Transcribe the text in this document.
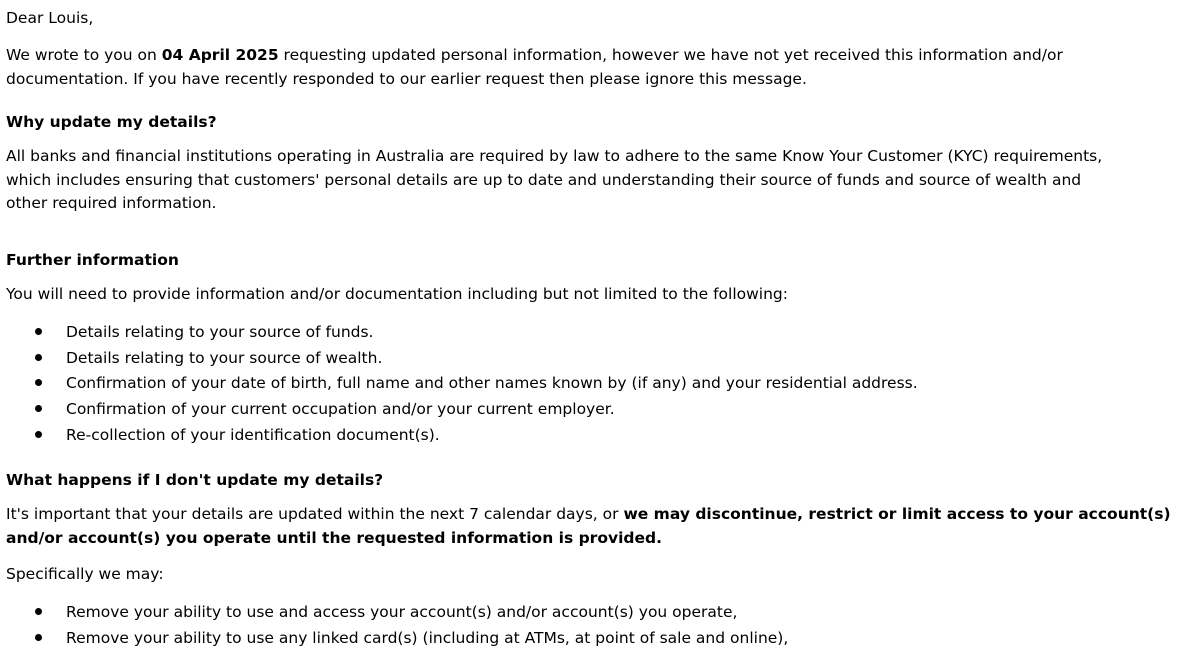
Dear Louis,
We wrote to you on 04 April 2025 requesting updated personal information, however we have not yet received this information and/or
documentation. If you have recently responded to our earlier request then please ignore this message.
Why update my details?
All banks and financial institutions operating in Australia are required by law to adhere to the same Know Your Customer (KYC) requirements,
which includes ensuring that customers' personal details are up to date and understanding their source of funds and source of wealth and
other required information.
Further information
You will need to provide information and/or documentation including but not limited to the following:
Details relating to your source of funds.
Details relating to your source of wealth.
Confirmation of your date of birth, full name and other names known by (if any) and your residential address.
Confirmation of your current occupation and/or your current employer.
Re-collection of your identification document(s).
What happens if I don't update my details?
It's important that your details are updated within the next 7 calendar days, or we may discontinue, restrict or limit access to your account(s)
and/or account(s) you operate until the requested information is provided.
Specifically we may:
Remove your ability to use and access your account(s) and/or account(s) you operate,
Remove your ability to use any linked card(s) (including at ATMs, at point of sale and online),
